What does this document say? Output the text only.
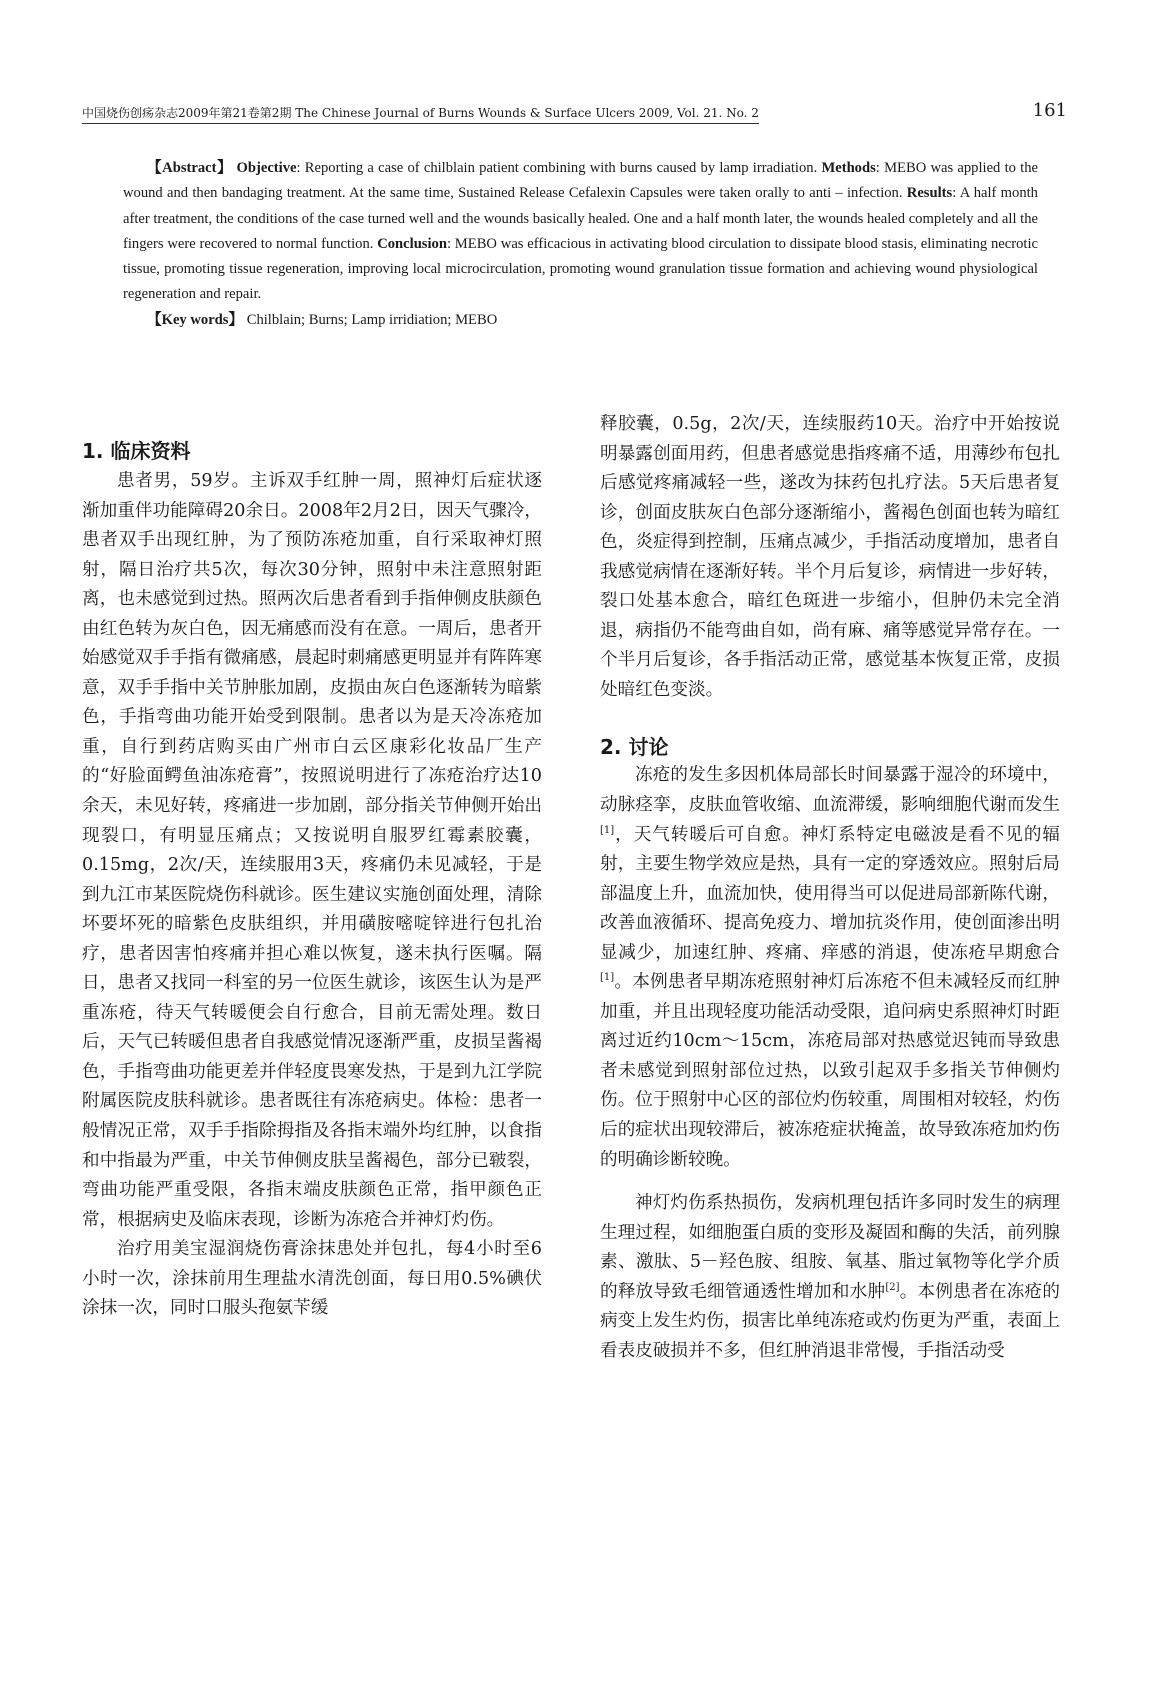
中国烧伤创疡杂志2009年第21卷第2期 The Chinese Journal of Burns Wounds & Surface Ulcers 2009, Vol. 21. No. 2	161

【Abstract】 Objective: Reporting a case of chilblain patient combining with burns caused by lamp irradiation. Methods: MEBO was applied to the wound and then bandaging treatment. At the same time, Sustained Release Cefalexin Capsules were taken orally to anti – infection. Results: A half month after treatment, the conditions of the case turned well and the wounds basically healed. One and a half month later, the wounds healed completely and all the fingers were recovered to normal function. Conclusion: MEBO was efficacious in activating blood circulation to dissipate blood stasis, eliminating necrotic tissue, promoting tissue regeneration, improving local microcirculation, promoting wound granulation tissue formation and achieving wound physiological regeneration and repair.

【Key words】 Chilblain; Burns; Lamp irridiation; MEBO

1. 临床资料

患者男，59岁。主诉双手红肿一周，照神灯后症状逐渐加重伴功能障碍20余日。2008年2月2日，因天气骤冷，患者双手出现红肿，为了预防冻疮加重，自行采取神灯照射，隔日治疗共5次，每次30分钟，照射中未注意照射距离，也未感觉到过热。照两次后患者看到手指伸侧皮肤颜色由红色转为灰白色，因无痛感而没有在意。一周后，患者开始感觉双手手指有微痛感，晨起时刺痛感更明显并有阵阵寒意，双手手指中关节肿胀加剧，皮损由灰白色逐渐转为暗紫色，手指弯曲功能开始受到限制。患者以为是天冷冻疮加重，自行到药店购买由广州市白云区康彩化妆品厂生产的“好脸面鳄鱼油冻疮膏”，按照说明进行了冻疮治疗达10余天，未见好转，疼痛进一步加剧，部分指关节伸侧开始出现裂口，有明显压痛点；又按说明自服罗红霉素胶囊，0.15mg，2次/天，连续服用3天，疼痛仍未见减轻，于是到九江市某医院烧伤科就诊。医生建议实施创面处理，清除坏要坏死的暗紫色皮肤组织，并用磺胺嘧啶锌进行包扎治疗，患者因害怕疼痛并担心难以恢复，遂未执行医嘱。隔日，患者又找同一科室的另一位医生就诊，该医生认为是严重冻疮，待天气转暖便会自行愈合，目前无需处理。数日后，天气已转暖但患者自我感觉情况逐渐严重，皮损呈酱褐色，手指弯曲功能更差并伴轻度畏寒发热，于是到九江学院附属医院皮肤科就诊。患者既往有冻疮病史。体检：患者一般情况正常，双手手指除拇指及各指末端外均红肿，以食指和中指最为严重，中关节伸侧皮肤呈酱褐色，部分已皲裂，弯曲功能严重受限，各指末端皮肤颜色正常，指甲颜色正常，根据病史及临床表现，诊断为冻疮合并神灯灼伤。

治疗用美宝湿润烧伤膏涂抹患处并包扎，每4小时至6小时一次，涂抹前用生理盐水清洗创面，每日用0.5%碘伏涂抹一次，同时口服头孢氨苄缓

释胶囊，0.5g，2次/天，连续服药10天。治疗中开始按说明暴露创面用药，但患者感觉患指疼痛不适，用薄纱布包扎后感觉疼痛减轻一些，遂改为抹药包扎疗法。5天后患者复诊，创面皮肤灰白色部分逐渐缩小，酱褐色创面也转为暗红色，炎症得到控制，压痛点减少，手指活动度增加，患者自我感觉病情在逐渐好转。半个月后复诊，病情进一步好转，裂口处基本愈合，暗红色斑进一步缩小，但肿仍未完全消退，病指仍不能弯曲自如，尚有麻、痛等感觉异常存在。一个半月后复诊，各手指活动正常，感觉基本恢复正常，皮损处暗红色变淡。

2. 讨论

冻疮的发生多因机体局部长时间暴露于湿冷的环境中，动脉痉挛，皮肤血管收缩、血流滞缓，影响细胞代谢而发生[1]，天气转暖后可自愈。神灯系特定电磁波是看不见的辐射，主要生物学效应是热，具有一定的穿透效应。照射后局部温度上升，血流加快，使用得当可以促进局部新陈代谢，改善血液循环、提高免疫力、增加抗炎作用，使创面渗出明显减少，加速红肿、疼痛、痒感的消退，使冻疮早期愈合[1]。本例患者早期冻疮照射神灯后冻疮不但未减轻反而红肿加重，并且出现轻度功能活动受限，追问病史系照神灯时距离过近约10cm～15cm，冻疮局部对热感觉迟钝而导致患者未感觉到照射部位过热，以致引起双手多指关节伸侧灼伤。位于照射中心区的部位灼伤较重，周围相对较轻，灼伤后的症状出现较滞后，被冻疮症状掩盖，故导致冻疮加灼伤的明确诊断较晚。

神灯灼伤系热损伤，发病机理包括许多同时发生的病理生理过程，如细胞蛋白质的变形及凝固和酶的失活，前列腺素、激肽、5－羟色胺、组胺、氧基、脂过氧物等化学介质的释放导致毛细管通透性增加和水肿[2]。本例患者在冻疮的病变上发生灼伤，损害比单纯冻疮或灼伤更为严重，表面上看表皮破损并不多，但红肿消退非常慢，手指活动受
